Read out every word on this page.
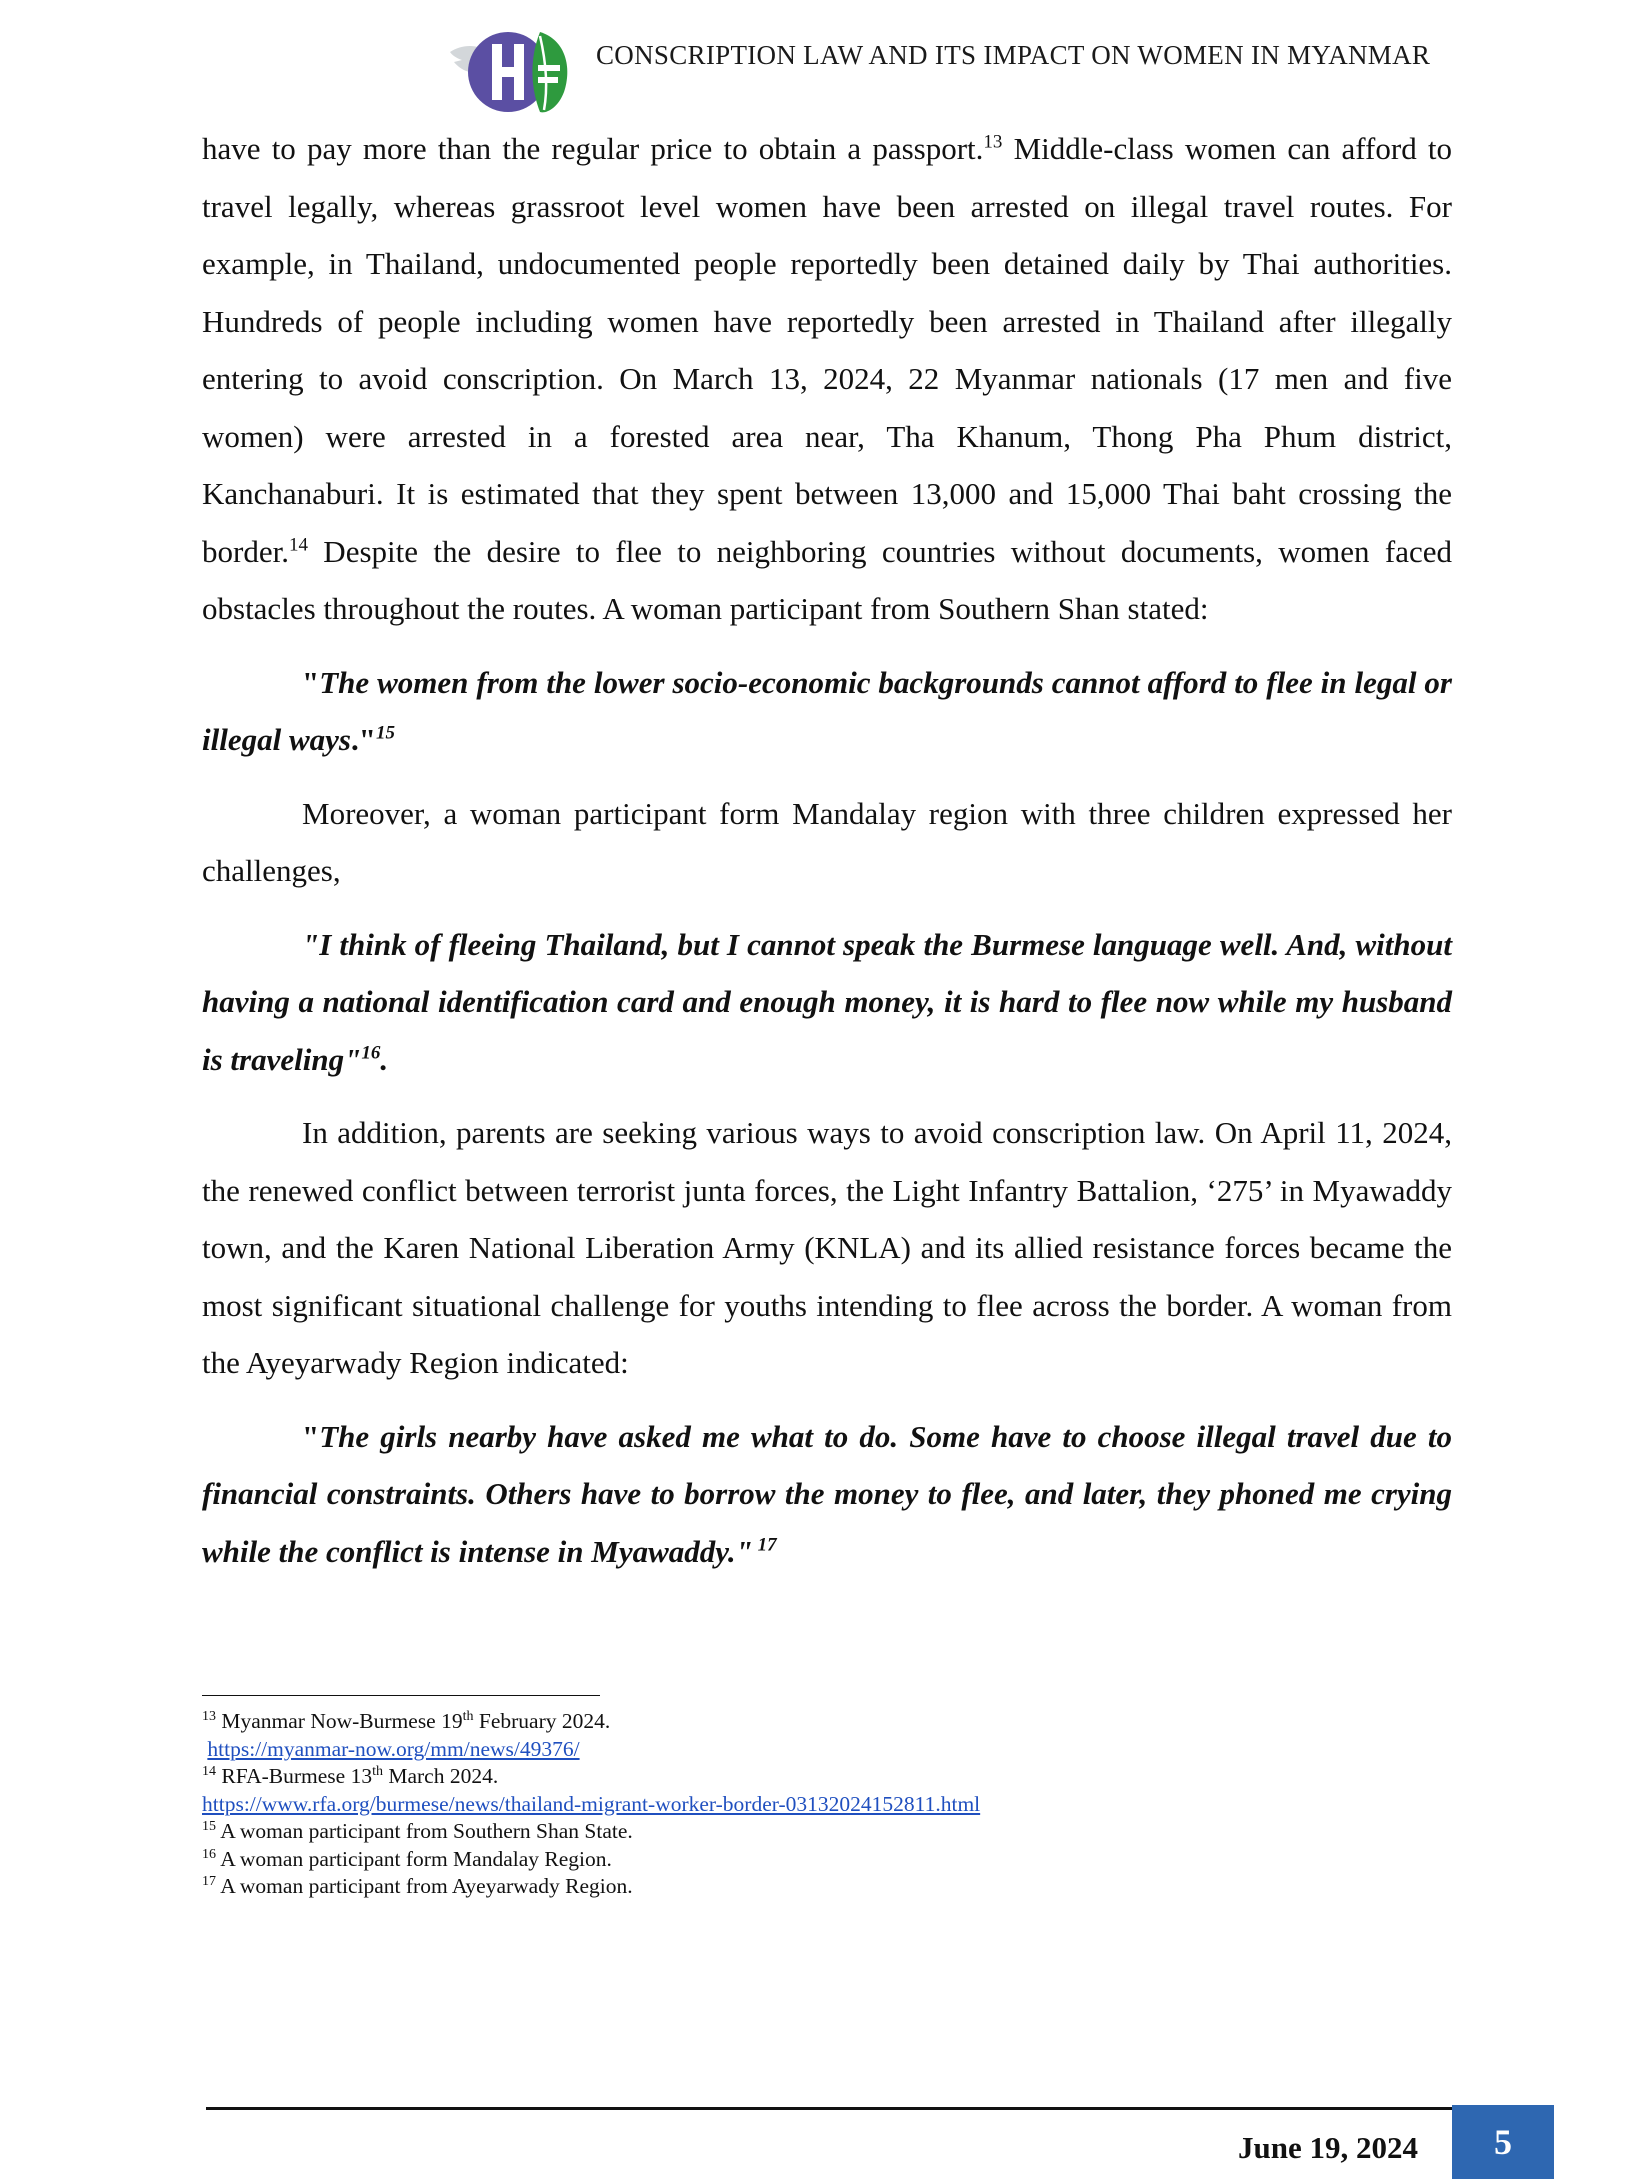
CONSCRIPTION LAW AND ITS IMPACT ON WOMEN IN MYANMAR

have to pay more than the regular price to obtain a passport.$^{13}$ Middle-class women can afford to travel legally, whereas grassroot level women have been arrested on illegal travel routes. For example, in Thailand, undocumented people reportedly been detained daily by Thai authorities. Hundreds of people including women have reportedly been arrested in Thailand after illegally entering to avoid conscription. On March 13, 2024, 22 Myanmar nationals (17 men and five women) were arrested in a forested area near, Tha Khanum, Thong Pha Phum district, Kanchanaburi. It is estimated that they spent between 13,000 and 15,000 Thai baht crossing the border.$^{14}$ Despite the desire to flee to neighboring countries without documents, women faced obstacles throughout the routes. A woman participant from Southern Shan stated:

"The women from the lower socio-economic backgrounds cannot afford to flee in legal or illegal ways."$^{15}$

Moreover, a woman participant form Mandalay region with three children expressed her challenges,

"I think of fleeing Thailand, but I cannot speak the Burmese language well. And, without having a national identification card and enough money, it is hard to flee now while my husband is traveling"$^{16}$.

In addition, parents are seeking various ways to avoid conscription law. On April 11, 2024, the renewed conflict between terrorist junta forces, the Light Infantry Battalion, ‘275’ in Myawaddy town, and the Karen National Liberation Army (KNLA) and its allied resistance forces became the most significant situational challenge for youths intending to flee across the border. A woman from the Ayeyarwady Region indicated:

"The girls nearby have asked me what to do. Some have to choose illegal travel due to financial constraints. Others have to borrow the money to flee, and later, they phoned me crying while the conflict is intense in Myawaddy." $^{17}$

$^{13}$ Myanmar Now-Burmese 19th February 2024.
https://myanmar-now.org/mm/news/49376/
$^{14}$ RFA-Burmese 13th March 2024.
https://www.rfa.org/burmese/news/thailand-migrant-worker-border-03132024152811.html
$^{15}$ A woman participant from Southern Shan State.
$^{16}$ A woman participant form Mandalay Region.
$^{17}$ A woman participant from Ayeyarwady Region.
June 19, 2024	5
